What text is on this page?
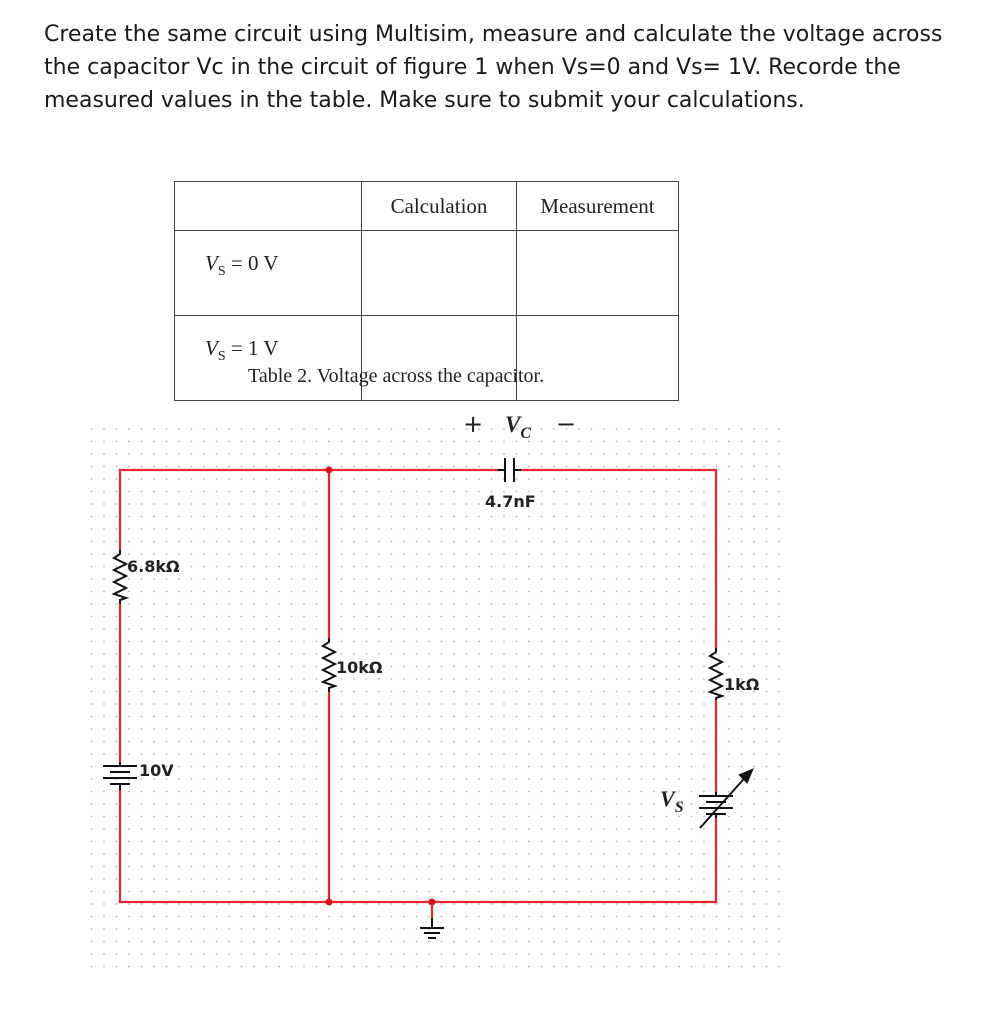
Create the same circuit using Multisim, measure and calculate the voltage across the capacitor Vc in the circuit of figure 1 when Vs=0 and Vs= 1V. Recorde the measured values in the table. Make sure to submit your calculations.

	Calculation	Measurement
$V_S = 0$ V		
$V_S = 1$ V		
Table 2. Voltage across the capacitor.
+ $V_C$ −
4.7nF
6.8kΩ
10kΩ
1kΩ
10V
$V_S$
